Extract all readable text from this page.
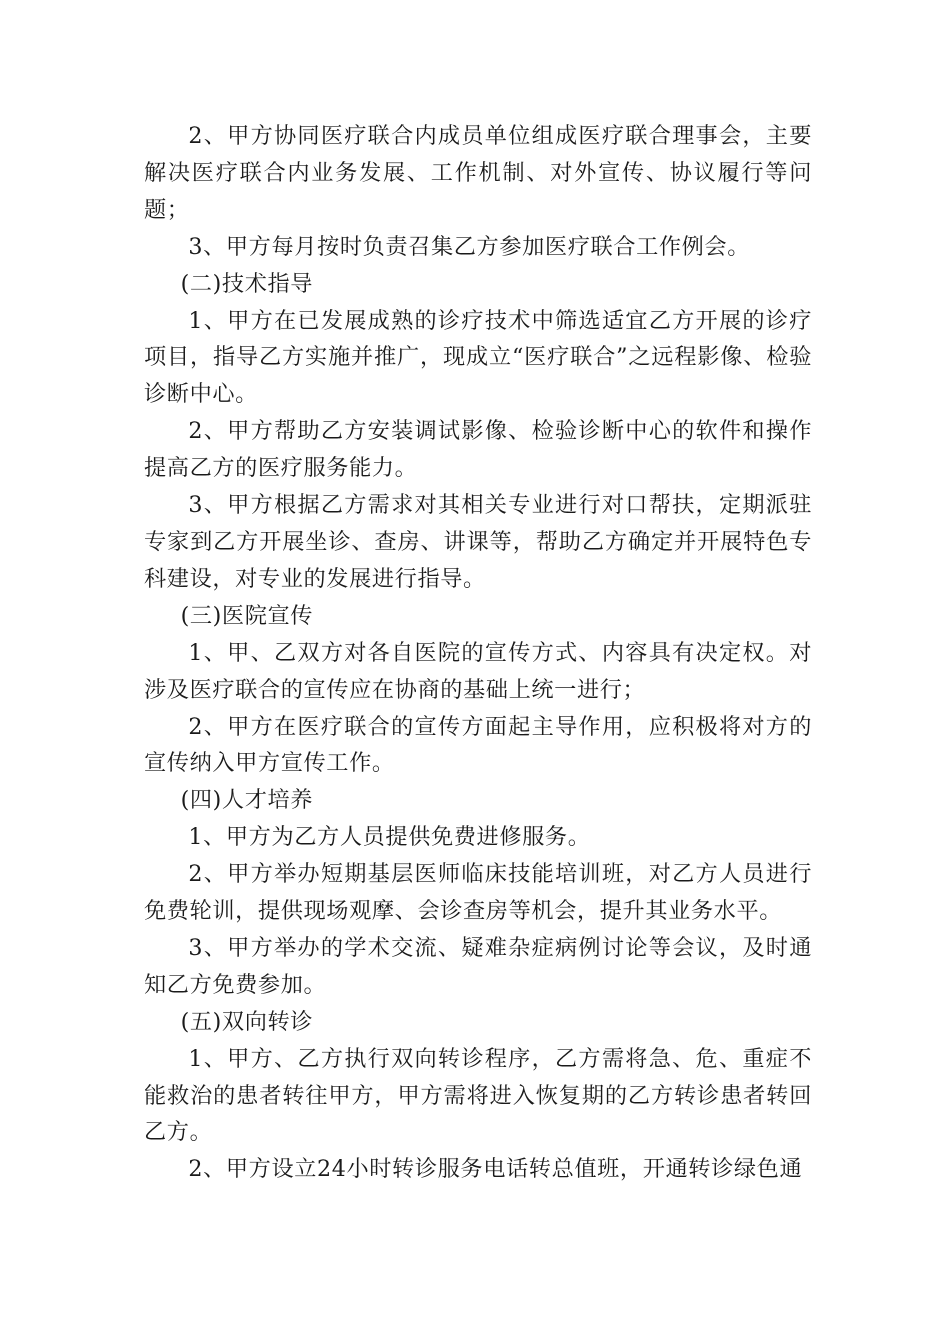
2、甲方协同医疗联合内成员单位组成医疗联合理事会，主要解决医疗联合内业务发展、工作机制、对外宣传、协议履行等问题；

3、甲方每月按时负责召集乙方参加医疗联合工作例会。

(二)技术指导

1、甲方在已发展成熟的诊疗技术中筛选适宜乙方开展的诊疗项目，指导乙方实施并推广，现成立“医疗联合”之远程影像、检验诊断中心。

2、甲方帮助乙方安装调试影像、检验诊断中心的软件和操作提高乙方的医疗服务能力。

3、甲方根据乙方需求对其相关专业进行对口帮扶，定期派驻专家到乙方开展坐诊、查房、讲课等，帮助乙方确定并开展特色专科建设，对专业的发展进行指导。

(三)医院宣传

1、甲、乙双方对各自医院的宣传方式、内容具有决定权。对涉及医疗联合的宣传应在协商的基础上统一进行；

2、甲方在医疗联合的宣传方面起主导作用，应积极将对方的宣传纳入甲方宣传工作。

(四)人才培养

1、甲方为乙方人员提供免费进修服务。

2、甲方举办短期基层医师临床技能培训班，对乙方人员进行免费轮训，提供现场观摩、会诊查房等机会，提升其业务水平。

3、甲方举办的学术交流、疑难杂症病例讨论等会议，及时通知乙方免费参加。

(五)双向转诊

1、甲方、乙方执行双向转诊程序，乙方需将急、危、重症不能救治的患者转往甲方，甲方需将进入恢复期的乙方转诊患者转回乙方。

2、甲方设立24小时转诊服务电话转总值班，开通转诊绿色通
